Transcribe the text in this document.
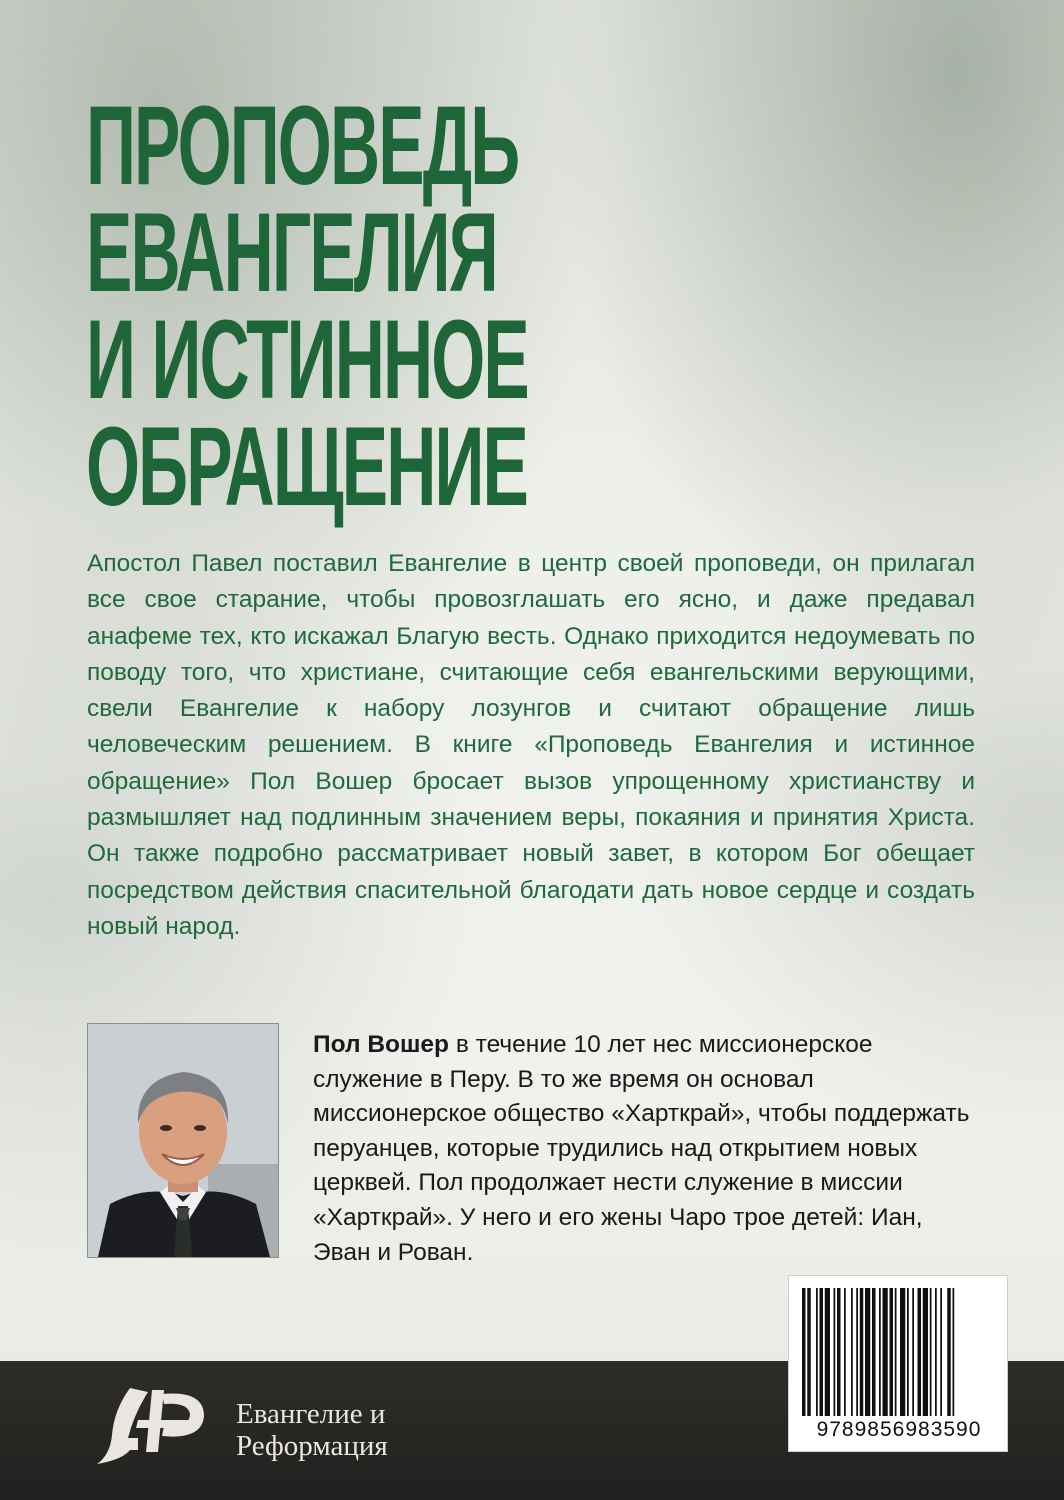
ПРОПОВЕДЬ
ЕВАНГЕЛИЯ
И ИСТИННОЕ
ОБРАЩЕНИЕ

Апостол Павел поставил Евангелие в центр своей проповеди, он прилагал все свое старание, чтобы провозглашать его ясно, и даже предавал анафеме тех, кто искажал Благую весть. Однако приходится недоумевать по поводу того, что христиане, считающие себя евангельскими верующими, свели Евангелие к набору лозунгов и считают обращение лишь человеческим решением. В книге «Проповедь Евангелия и истинное обращение» Пол Вошер бросает вызов упрощенному христианству и размышляет над подлинным значением веры, покаяния и принятия Христа. Он также подробно рассматривает новый завет, в котором Бог обещает посредством действия спасительной благодати дать новое сердце и создать новый народ.

Пол Вошер в течение 10 лет нес миссионерское служение в Перу. В то же время он основал миссионерское общество «Харткрай», чтобы поддержать перуанцев, которые трудились над открытием новых церквей. Пол продолжает нести служение в миссии «Харткрай». У него и его жены Чаро трое детей: Иан, Эван и Рован.

Евангелие и
Реформация

9789856983590
